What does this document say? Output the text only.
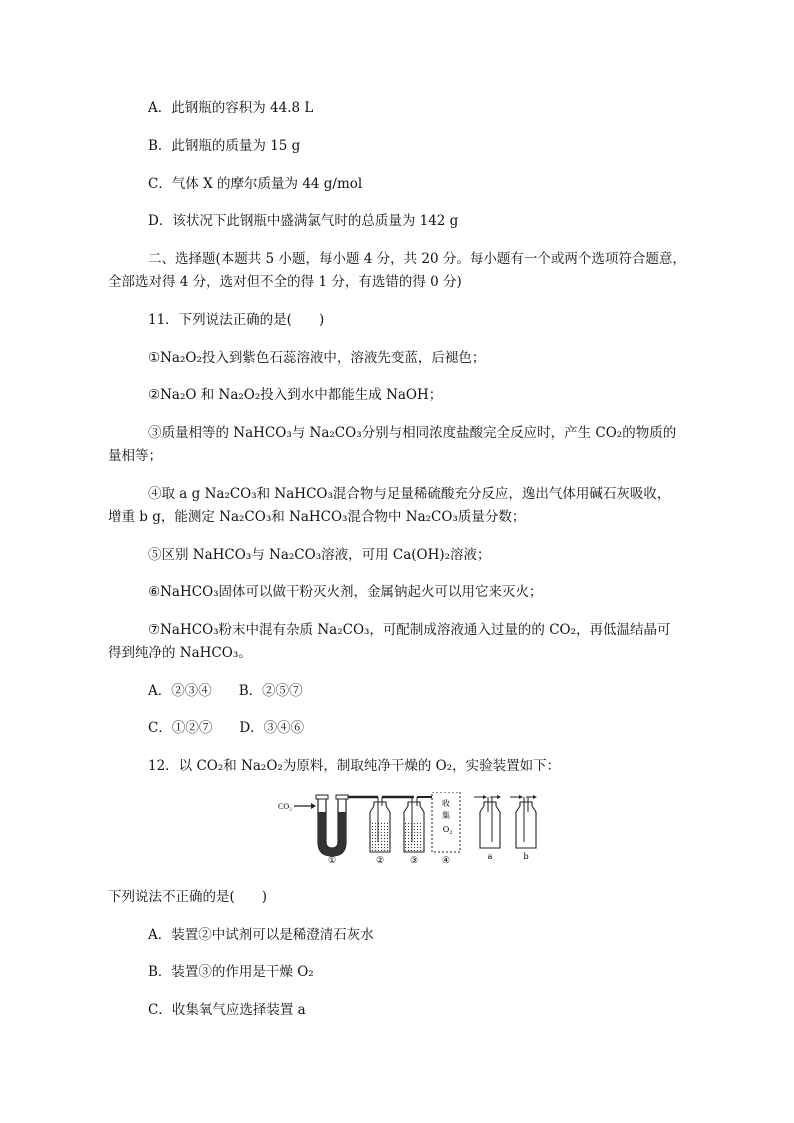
A．此钢瓶的容积为 44.8 L
B．此钢瓶的质量为 15 g
C．气体 X 的摩尔质量为 44 g/mol
D．该状况下此钢瓶中盛满氯气时的总质量为 142 g
二、选择题(本题共 5 小题，每小题 4 分，共 20 分。每小题有一个或两个选项符合题意，
全部选对得 4 分，选对但不全的得 1 分，有选错的得 0 分)
11．下列说法正确的是(　　)
①Na₂O₂投入到紫色石蕊溶液中，溶液先变蓝，后褪色；
②Na₂O 和 Na₂O₂投入到水中都能生成 NaOH；
③质量相等的 NaHCO₃与 Na₂CO₃分别与相同浓度盐酸完全反应时，产生 CO₂的物质的
量相等；
④取 a g Na₂CO₃和 NaHCO₃混合物与足量稀硫酸充分反应，逸出气体用碱石灰吸收，
增重 b g，能测定 Na₂CO₃和 NaHCO₃混合物中 Na₂CO₃质量分数；
⑤区别 NaHCO₃与 Na₂CO₃溶液，可用 Ca(OH)₂溶液；
⑥NaHCO₃固体可以做干粉灭火剂，金属钠起火可以用它来灭火；
⑦NaHCO₃粉末中混有杂质 Na₂CO₃，可配制成溶液通入过量的的 CO₂，再低温结晶可
得到纯净的 NaHCO₃。
A．②③④　　B．②⑤⑦
C．①②⑦　　D．③④⑥
12．以 CO₂和 Na₂O₂为原料，制取纯净干燥的 O₂，实验装置如下：
CO₂
①	②	③
收
集
O 2
④	a	b
下列说法不正确的是(　　)
A．装置②中试剂可以是稀澄清石灰水
B．装置③的作用是干燥 O₂
C．收集氧气应选择装置 a
